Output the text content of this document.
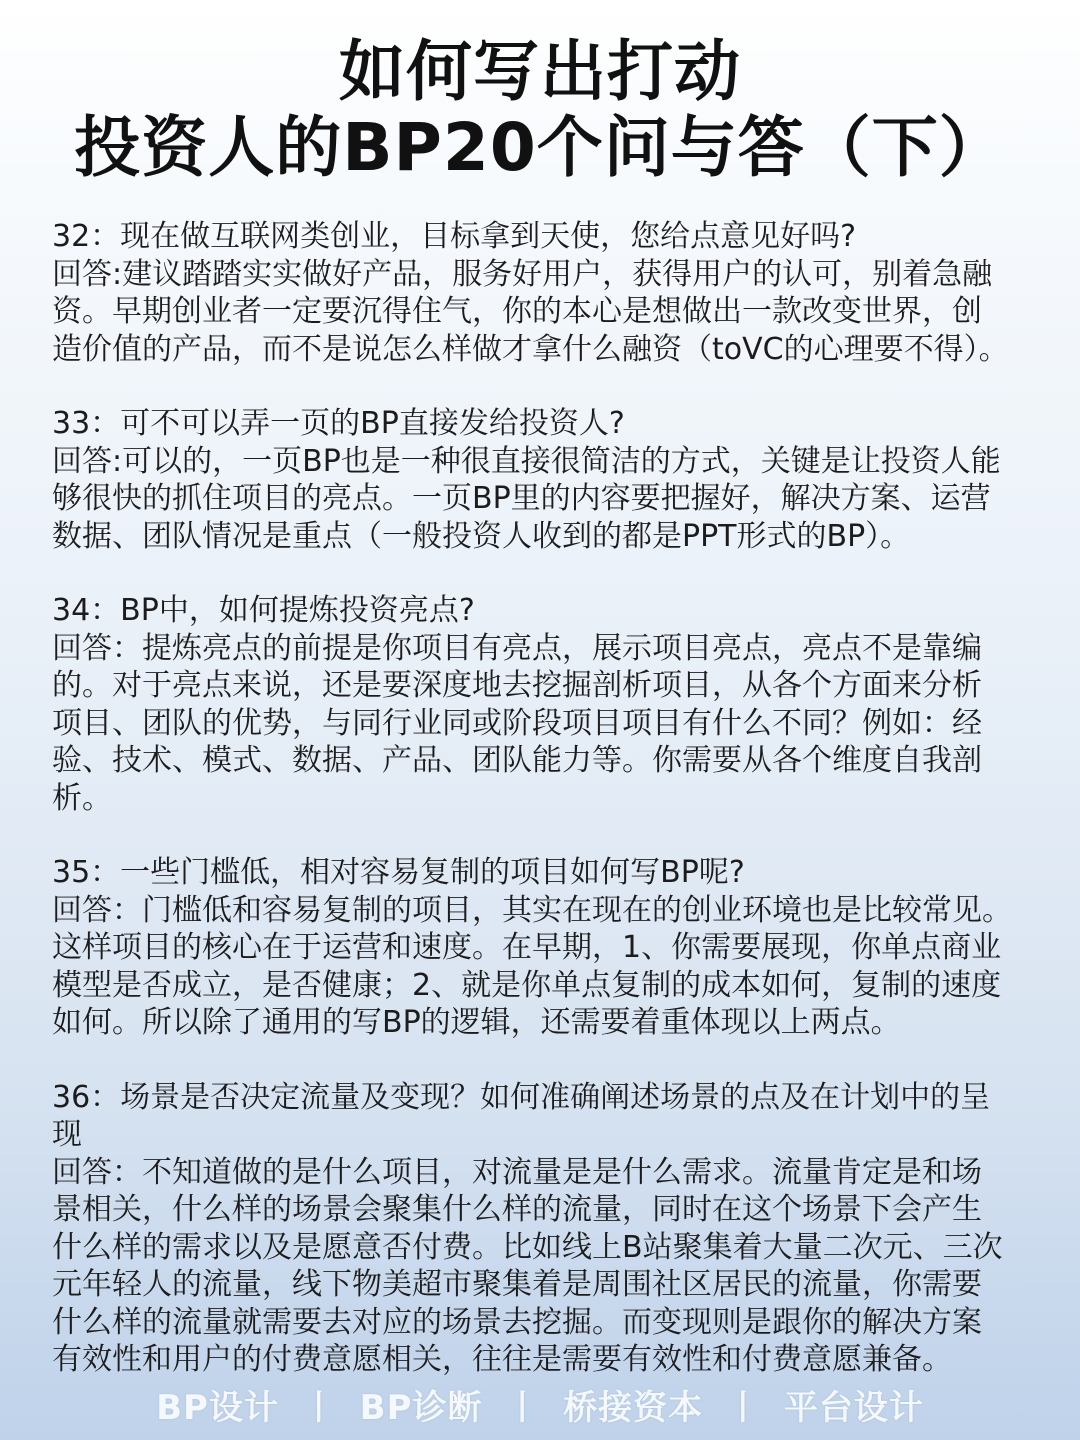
如何写出打动
投资人的BP20个问与答（下）

32：现在做互联网类创业，目标拿到天使，您给点意见好吗?

回答:建议踏踏实实做好产品，服务好用户，获得用户的认可，别着急融

资。早期创业者一定要沉得住气，你的本心是想做出一款改变世界，创

造价值的产品，而不是说怎么样做才拿什么融资（toVC的心理要不得）。

33：可不可以弄一页的BP直接发给投资人?

回答:可以的，一页BP也是一种很直接很简洁的方式，关键是让投资人能

够很快的抓住项目的亮点。一页BP里的内容要把握好，解决方案、运营

数据、团队情况是重点（一般投资人收到的都是PPT形式的BP）。

34：BP中，如何提炼投资亮点?

回答：提炼亮点的前提是你项目有亮点，展示项目亮点，亮点不是靠编

的。对于亮点来说，还是要深度地去挖掘剖析项目，从各个方面来分析

项目、团队的优势，与同行业同或阶段项目项目有什么不同？例如：经

验、技术、模式、数据、产品、团队能力等。你需要从各个维度自我剖

析。

35：一些门槛低，相对容易复制的项目如何写BP呢?

回答：门槛低和容易复制的项目，其实在现在的创业环境也是比较常见。

这样项目的核心在于运营和速度。在早期，1、你需要展现，你单点商业

模型是否成立，是否健康；2、就是你单点复制的成本如何，复制的速度

如何。所以除了通用的写BP的逻辑，还需要着重体现以上两点。

36：场景是否决定流量及变现？如何准确阐述场景的点及在计划中的呈

现

回答：不知道做的是什么项目，对流量是是什么需求。流量肯定是和场

景相关，什么样的场景会聚集什么样的流量，同时在这个场景下会产生

什么样的需求以及是愿意否付费。比如线上B站聚集着大量二次元、三次

元年轻人的流量，线下物美超市聚集着是周围社区居民的流量，你需要

什么样的流量就需要去对应的场景去挖掘。而变现则是跟你的解决方案

有效性和用户的付费意愿相关，往往是需要有效性和付费意愿兼备。

BP设计 丨 BP诊断 丨 桥接资本 丨 平台设计
